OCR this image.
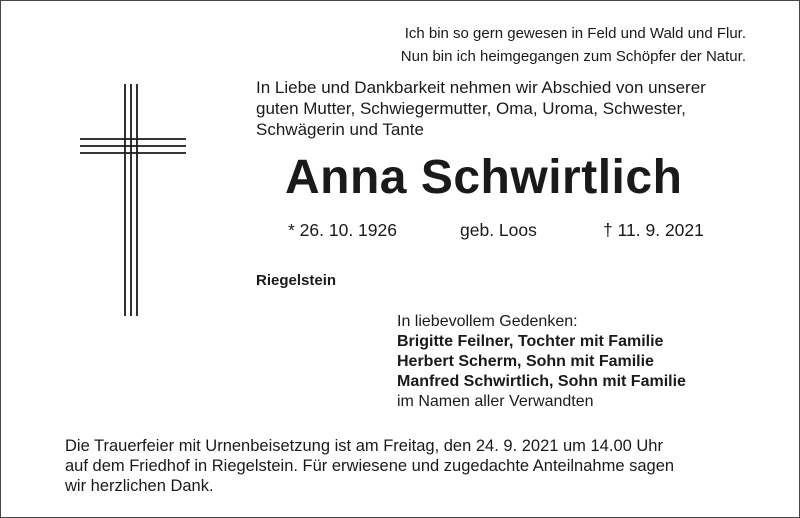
Ich bin so gern gewesen in Feld und Wald und Flur.
Nun bin ich heimgegangen zum Schöpfer der Natur.
In Liebe und Dankbarkeit nehmen wir Abschied von unserer
guten Mutter, Schwiegermutter, Oma, Uroma, Schwester,
Schwägerin und Tante
Anna Schwirtlich
* 26. 10. 1926	geb. Loos	† 11. 9. 2021
Riegelstein
In liebevollem Gedenken:
Brigitte Feilner, Tochter mit Familie
Herbert Scherm, Sohn mit Familie
Manfred Schwirtlich, Sohn mit Familie
im Namen aller Verwandten
Die Trauerfeier mit Urnenbeisetzung ist am Freitag, den 24. 9. 2021 um 14.00 Uhr
auf dem Friedhof in Riegelstein. Für erwiesene und zugedachte Anteilnahme sagen
wir herzlichen Dank.
